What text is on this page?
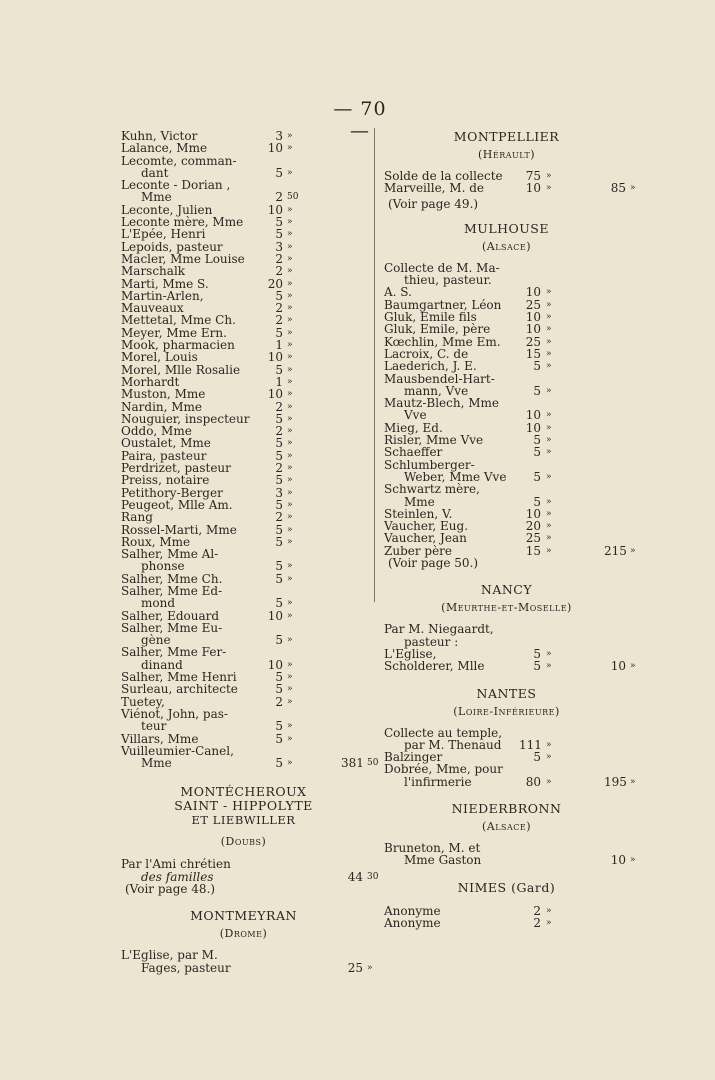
— 70 —
Kuhn, Victor	3 »
Lalance, Mme	10 »
Lecomte, comman-
dant	5 »
Leconte - Dorian ,
Mme	2 50
Leconte, Julien	10 »
Leconte mère, Mme	5 »
L'Epée, Henri	5 »
Lepoids, pasteur	3 »
Macler, Mme Louise	2 »
Marschalk	2 »
Marti, Mme S.	20 »
Martin-Arlen,	5 »
Mauveaux	2 »
Mettetal, Mme Ch.	2 »
Meyer, Mme Ern.	5 »
Mook, pharmacien	1 »
Morel, Louis	10 »
Morel, Mlle Rosalie	5 »
Morhardt	1 »
Muston, Mme	10 »
Nardin, Mme	2 »
Nouguier, inspecteur	5 »
Oddo, Mme	2 »
Oustalet, Mme	5 »
Paira, pasteur	5 »
Perdrizet, pasteur	2 »
Preiss, notaire	5 »
Petithory-Berger	3 »
Peugeot, Mlle Am.	5 »
Rang	2 »
Rossel-Marti, Mme	5 »
Roux, Mme	5 »
Salher, Mme Al-
phonse	5 »
Salher, Mme Ch.	5 »
Salher, Mme Ed-
mond	5 »
Salher, Edouard	10 »
Salher, Mme Eu-
gène	5 »
Salher, Mme Fer-
dinand	10 »
Salher, Mme Henri	5 »
Surleau, architecte	5 »
Tuetey,	2 »
Viénot, John, pas-
teur	5 »
Villars, Mme	5 »
Vuilleumier-Canel,
Mme	5 »	381 50
MONTÉCHEROUX
SAINT - HIPPOLYTE
ET LIEBWILLER
(Doubs)
Par l'Ami chrétien
des familles	44 30
(Voir page 48.)
MONTMEYRAN
(Drome)
L'Eglise, par M.
Fages, pasteur	25 »
MONTPELLIER
(Hérault)
Solde de la collecte	75 »
Marveille, M. de	10 »	85 »
(Voir page 49.)
MULHOUSE
(Alsace)
Collecte de M. Ma-
thieu, pasteur.
A. S.	10 »
Baumgartner, Léon	25 »
Gluk, Emile fils	10 »
Gluk, Emile, père	10 »
Kœchlin, Mme Em.	25 »
Lacroix, C. de	15 »
Laederich, J. E.	5 »
Mausbendel-Hart-
mann, Vve	5 »
Mautz-Blech, Mme
Vve	10 »
Mieg, Ed.	10 »
Risler, Mme Vve	5 »
Schaeffer	5 »
Schlumberger-
Weber, Mme Vve	5 »
Schwartz mère,
Mme	5 »
Steinlen, V.	10 »
Vaucher, Eug.	20 »
Vaucher, Jean	25 »
Zuber père	15 »	215 »
(Voir page 50.)
NANCY
(Meurthe-et-Moselle)
Par M. Niegaardt,
pasteur :
L'Eglise,	5 »
Scholderer, Mlle	5 »	10 »
NANTES
(Loire-Inférieure)
Collecte au temple,
par M. Thenaud 111 »
Balzinger	5 »
Dobrée, Mme, pour
l'infirmerie	80 »	195 »
NIEDERBRONN
(Alsace)
Bruneton, M. et
Mme Gaston	10 »
NIMES (Gard)
Anonyme	2 »
Anonyme	2 »
